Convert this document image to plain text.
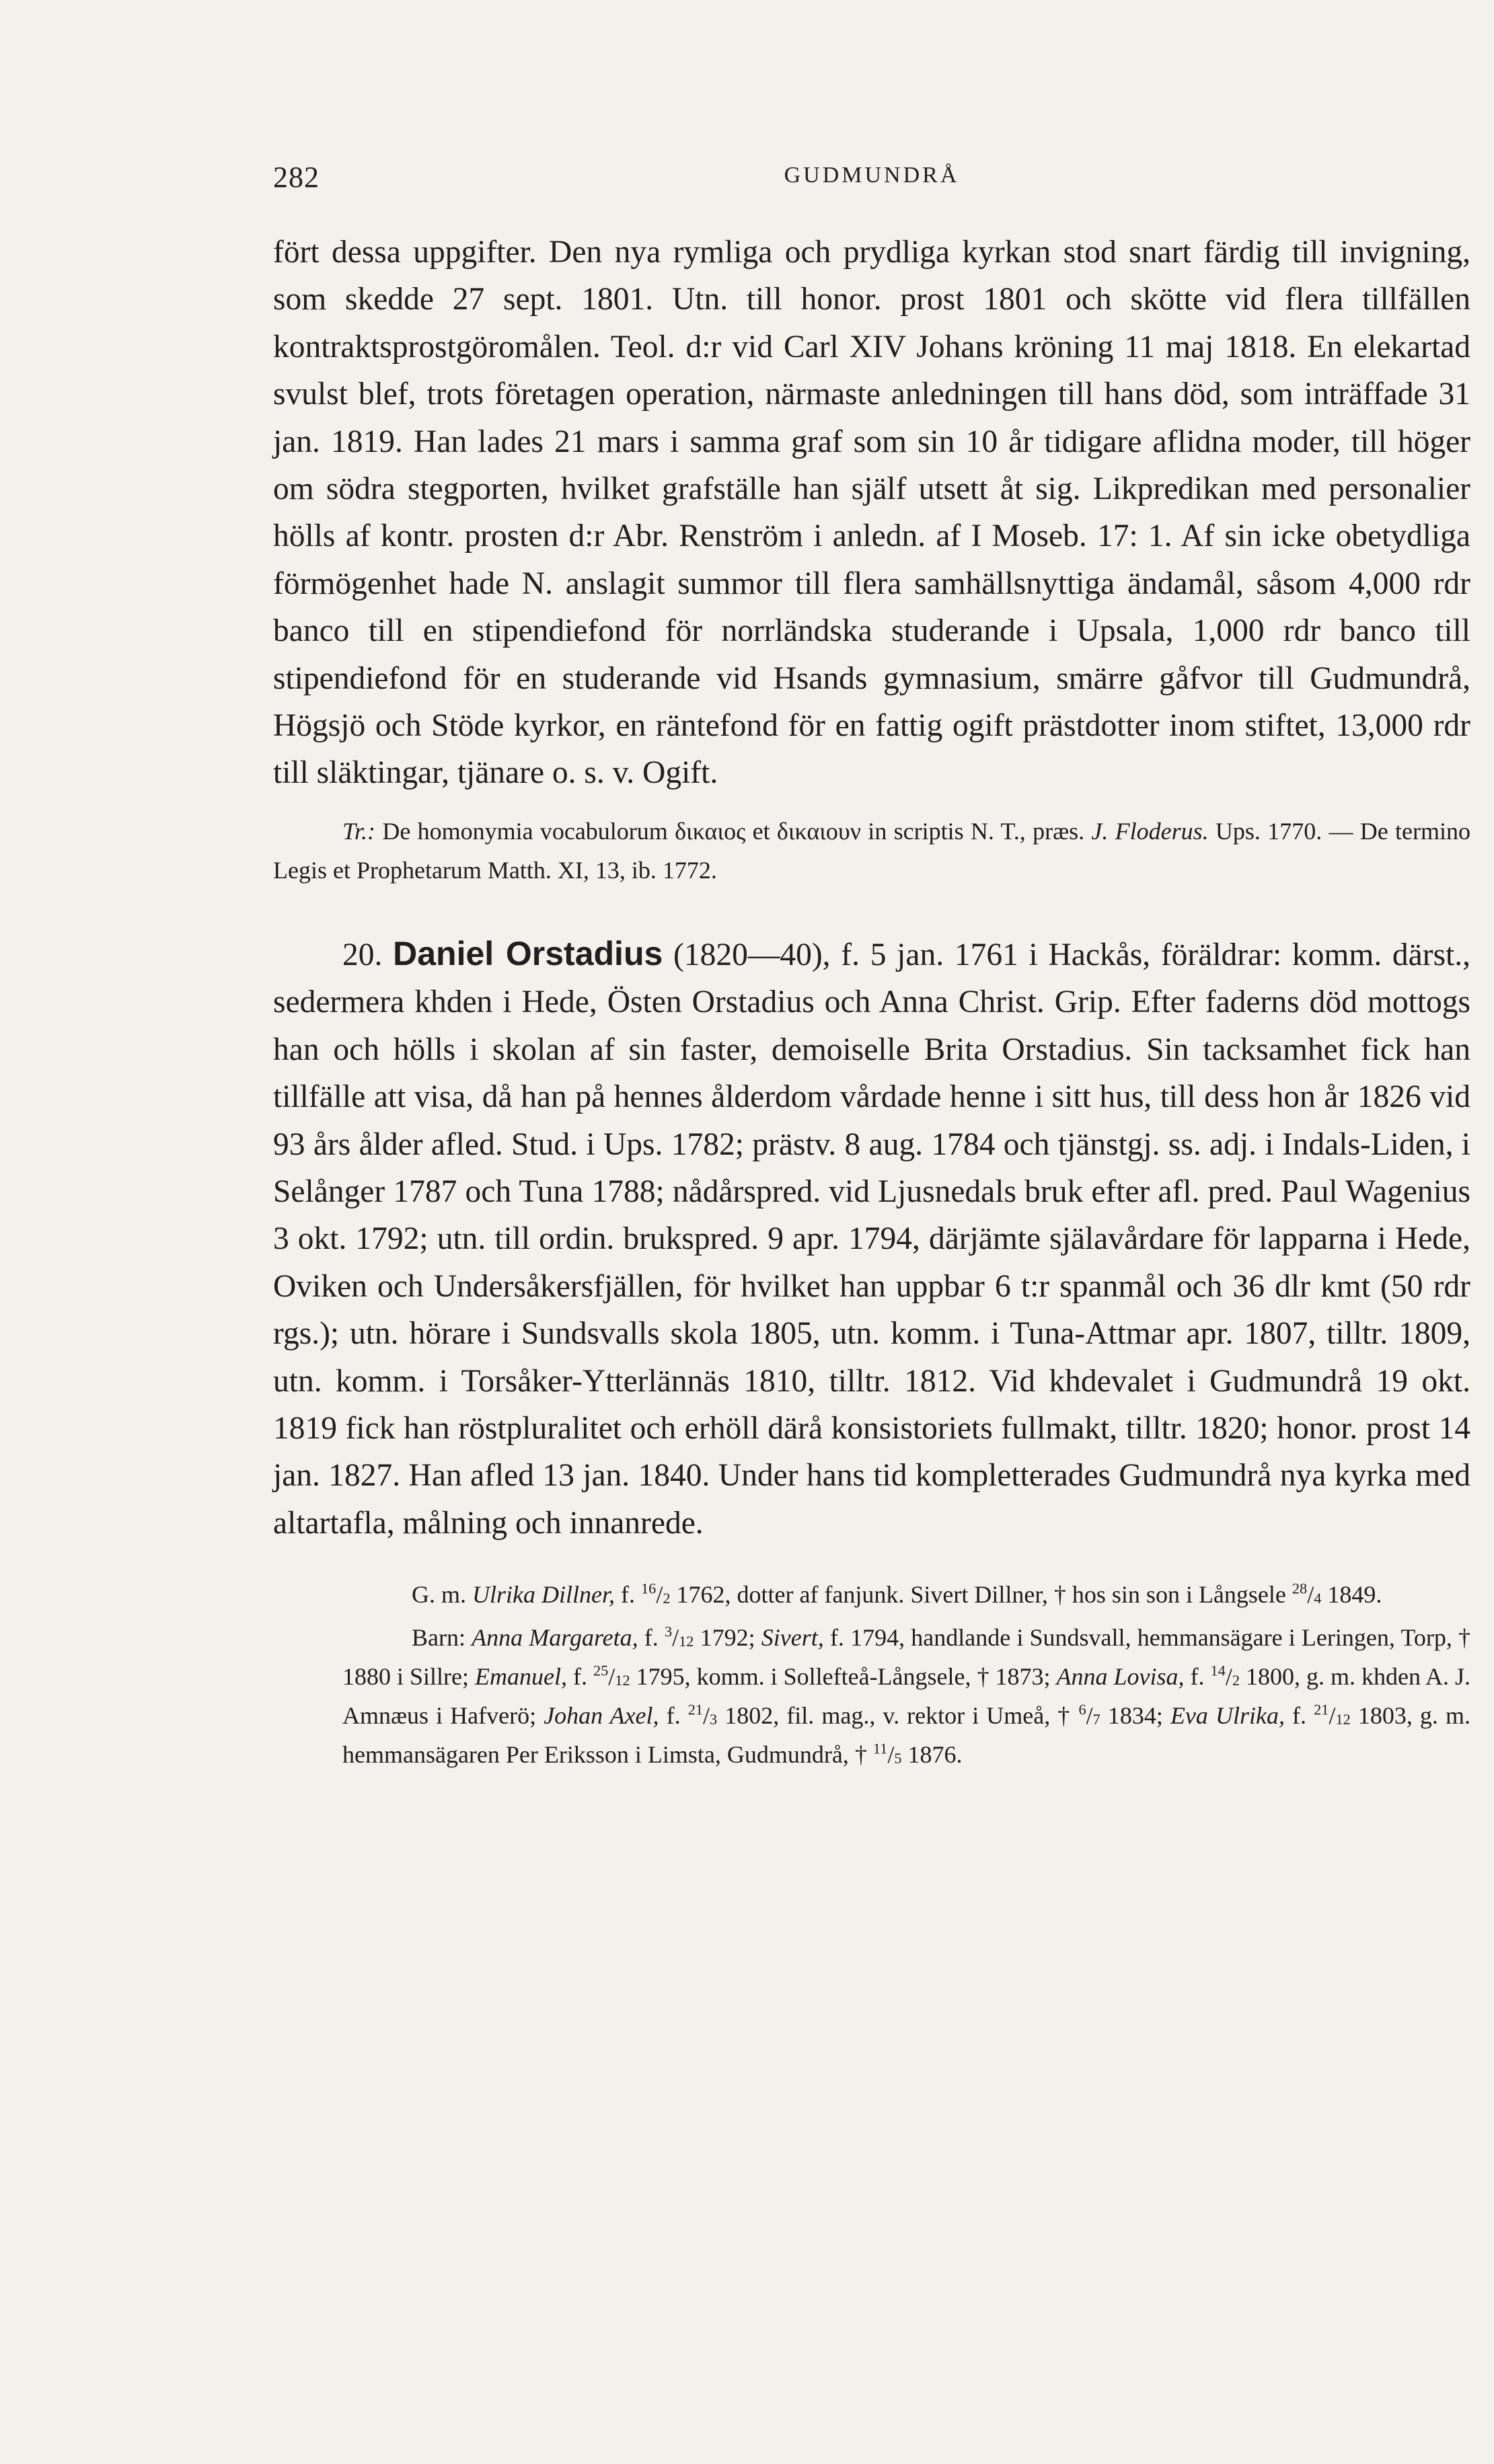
282	GUDMUNDRÅ

fört dessa uppgifter. Den nya rymliga och prydliga kyrkan stod snart färdig till invigning, som skedde 27 sept. 1801. Utn. till honor. prost 1801 och skötte vid flera tillfällen kontraktsprostgöromålen. Teol. d:r vid Carl XIV Johans kröning 11 maj 1818. En elekartad svulst blef, trots företagen operation, närmaste anledningen till hans död, som inträffade 31 jan. 1819. Han lades 21 mars i samma graf som sin 10 år tidigare aflidna moder, till höger om södra stegporten, hvilket grafställe han själf utsett åt sig. Likpredikan med personalier hölls af kontr. prosten d:r Abr. Renström i anledn. af I Moseb. 17: 1. Af sin icke obetydliga förmögenhet hade N. anslagit summor till flera samhällsnyttiga ändamål, såsom 4,000 rdr banco till en stipendiefond för norrländska studerande i Upsala, 1,000 rdr banco till stipendiefond för en studerande vid Hsands gymnasium, smärre gåfvor till Gudmundrå, Högsjö och Stöde kyrkor, en räntefond för en fattig ogift prästdotter inom stiftet, 13,000 rdr till släktingar, tjänare o. s. v. Ogift.

Tr.: De homonymia vocabulorum δικαιος et δικαιουν in scriptis N. T., præs. J. Floderus. Ups. 1770. — De termino Legis et Prophetarum Matth. XI, 13, ib. 1772.

20. Daniel Orstadius (1820—40), f. 5 jan. 1761 i Hackås, föräldrar: komm. därst., sedermera khden i Hede, Östen Orstadius och Anna Christ. Grip. Efter faderns död mottogs han och hölls i skolan af sin faster, demoiselle Brita Orstadius. Sin tacksamhet fick han tillfälle att visa, då han på hennes ålderdom vårdade henne i sitt hus, till dess hon år 1826 vid 93 års ålder afled. Stud. i Ups. 1782; prästv. 8 aug. 1784 och tjänstgj. ss. adj. i Indals-Liden, i Selånger 1787 och Tuna 1788; nådårspred. vid Ljusnedals bruk efter afl. pred. Paul Wagenius 3 okt. 1792; utn. till ordin. brukspred. 9 apr. 1794, därjämte själavårdare för lapparna i Hede, Oviken och Undersåkersfjällen, för hvilket han uppbar 6 t:r spanmål och 36 dlr kmt (50 rdr rgs.); utn. hörare i Sundsvalls skola 1805, utn. komm. i Tuna-Attmar apr. 1807, tilltr. 1809, utn. komm. i Torsåker-Ytterlännäs 1810, tilltr. 1812. Vid khdevalet i Gudmundrå 19 okt. 1819 fick han röstpluralitet och erhöll därå konsistoriets fullmakt, tilltr. 1820; honor. prost 14 jan. 1827. Han afled 13 jan. 1840. Under hans tid kompletterades Gudmundrå nya kyrka med altartafla, målning och innanrede.

G. m. Ulrika Dillner, f. $^{16}/_2$ 1762, dotter af fanjunk. Sivert Dillner, † hos sin son i Långsele $^{28}/_4$ 1849.

Barn: Anna Margareta, f. $^3/_{12}$ 1792; Sivert, f. 1794, handlande i Sundsvall, hemmansägare i Leringen, Torp, † 1880 i Sillre; Emanuel, f. $^{25}/_{12}$ 1795, komm. i Sollefteå-Långsele, † 1873; Anna Lovisa, f. $^{14}/_2$ 1800, g. m. khden A. J. Amnæus i Hafverö; Johan Axel, f. $^{21}/_3$ 1802, fil. mag., v. rektor i Umeå, † $^6/_7$ 1834; Eva Ulrika, f. $^{21}/_{12}$ 1803, g. m. hemmansägaren Per Eriksson i Limsta, Gudmundrå, † $^{11}/_5$ 1876.
